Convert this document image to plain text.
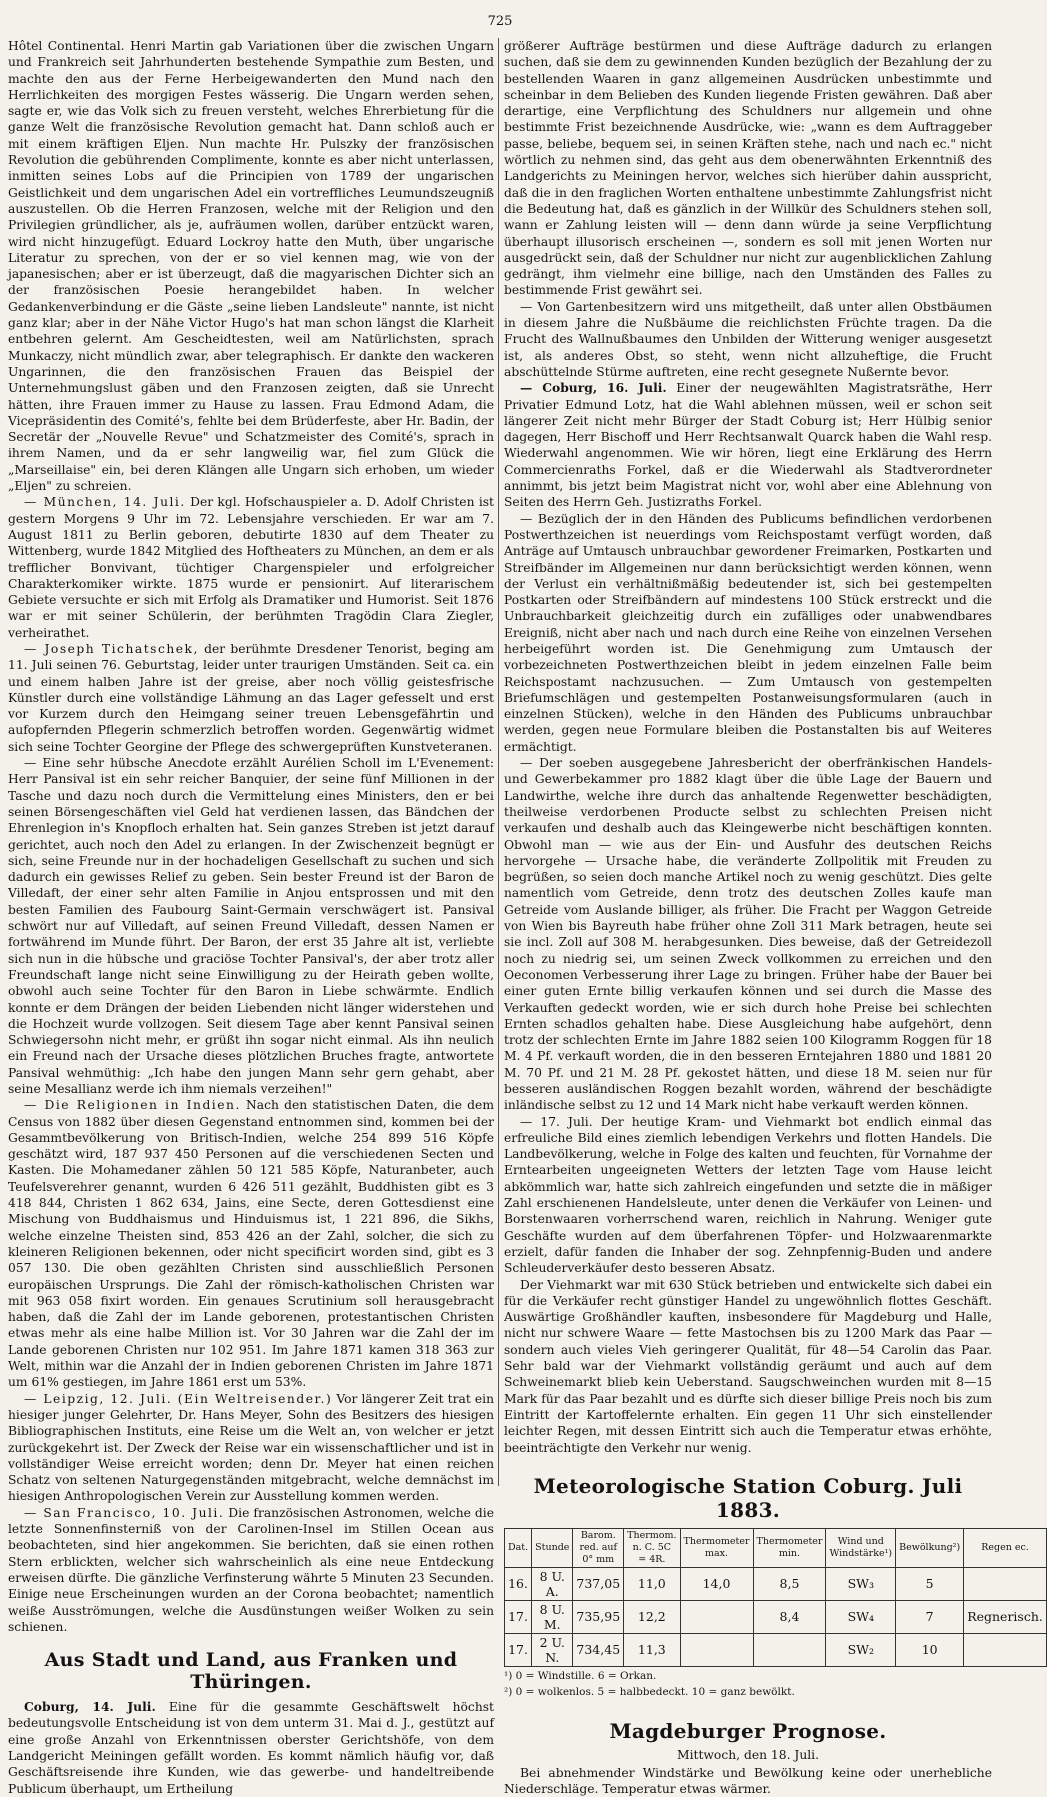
725

Hôtel Continental. Henri Martin gab Variationen über die zwischen Ungarn und Frankreich seit Jahrhunderten bestehende Sympathie zum Besten, und machte den aus der Ferne Herbeigewanderten den Mund nach den Herrlichkeiten des morgigen Festes wässerig. Die Ungarn werden sehen, sagte er, wie das Volk sich zu freuen versteht, welches Ehrerbietung für die ganze Welt die französische Revolution gemacht hat. Dann schloß auch er mit einem kräftigen Eljen. Nun machte Hr. Pulszky der französischen Revolution die gebührenden Complimente, konnte es aber nicht unterlassen, inmitten seines Lobs auf die Principien von 1789 der ungarischen Geistlichkeit und dem ungarischen Adel ein vortreffliches Leumundszeugniß auszustellen. Ob die Herren Franzosen, welche mit der Religion und den Privilegien gründlicher, als je, aufräumen wollen, darüber entzückt waren, wird nicht hinzugefügt. Eduard Lockroy hatte den Muth, über ungarische Literatur zu sprechen, von der er so viel kennen mag, wie von der japanesischen; aber er ist überzeugt, daß die magyarischen Dichter sich an der französischen Poesie herangebildet haben. In welcher Gedankenverbindung er die Gäste „seine lieben Landsleute" nannte, ist nicht ganz klar; aber in der Nähe Victor Hugo's hat man schon längst die Klarheit entbehren gelernt. Am Gescheidtesten, weil am Natürlichsten, sprach Munkaczy, nicht mündlich zwar, aber telegraphisch. Er dankte den wackeren Ungarinnen, die den französischen Frauen das Beispiel der Unternehmungslust gäben und den Franzosen zeigten, daß sie Unrecht hätten, ihre Frauen immer zu Hause zu lassen. Frau Edmond Adam, die Vicepräsidentin des Comité's, fehlte bei dem Brüderfeste, aber Hr. Badin, der Secretär der „Nouvelle Revue" und Schatzmeister des Comité's, sprach in ihrem Namen, und da er sehr langweilig war, fiel zum Glück die „Marseillaise" ein, bei deren Klängen alle Ungarn sich erhoben, um wieder „Eljen" zu schreien.

— München, 14. Juli. Der kgl. Hofschauspieler a. D. Adolf Christen ist gestern Morgens 9 Uhr im 72. Lebensjahre verschieden. Er war am 7. August 1811 zu Berlin geboren, debutirte 1830 auf dem Theater zu Wittenberg, wurde 1842 Mitglied des Hoftheaters zu München, an dem er als trefflicher Bonvivant, tüchtiger Chargenspieler und erfolgreicher Charakterkomiker wirkte. 1875 wurde er pensionirt. Auf literarischem Gebiete versuchte er sich mit Erfolg als Dramatiker und Humorist. Seit 1876 war er mit seiner Schülerin, der berühmten Tragödin Clara Ziegler, verheirathet.

— Joseph Tichatschek, der berühmte Dresdener Tenorist, beging am 11. Juli seinen 76. Geburtstag, leider unter traurigen Umständen. Seit ca. ein und einem halben Jahre ist der greise, aber noch völlig geistesfrische Künstler durch eine vollständige Lähmung an das Lager gefesselt und erst vor Kurzem durch den Heimgang seiner treuen Lebensgefährtin und aufopfernden Pflegerin schmerzlich betroffen worden. Gegenwärtig widmet sich seine Tochter Georgine der Pflege des schwergeprüften Kunstveteranen.

— Eine sehr hübsche Anecdote erzählt Aurélien Scholl im L'Evenement: Herr Pansival ist ein sehr reicher Banquier, der seine fünf Millionen in der Tasche und dazu noch durch die Vermittelung eines Ministers, den er bei seinen Börsengeschäften viel Geld hat verdienen lassen, das Bändchen der Ehrenlegion in's Knopfloch erhalten hat. Sein ganzes Streben ist jetzt darauf gerichtet, auch noch den Adel zu erlangen. In der Zwischenzeit begnügt er sich, seine Freunde nur in der hochadeligen Gesellschaft zu suchen und sich dadurch ein gewisses Relief zu geben. Sein bester Freund ist der Baron de Villedaft, der einer sehr alten Familie in Anjou entsprossen und mit den besten Familien des Faubourg Saint-Germain verschwägert ist. Pansival schwört nur auf Villedaft, auf seinen Freund Villedaft, dessen Namen er fortwährend im Munde führt. Der Baron, der erst 35 Jahre alt ist, verliebte sich nun in die hübsche und graciöse Tochter Pansival's, der aber trotz aller Freundschaft lange nicht seine Einwilligung zu der Heirath geben wollte, obwohl auch seine Tochter für den Baron in Liebe schwärmte. Endlich konnte er dem Drängen der beiden Liebenden nicht länger widerstehen und die Hochzeit wurde vollzogen. Seit diesem Tage aber kennt Pansival seinen Schwiegersohn nicht mehr, er grüßt ihn sogar nicht einmal. Als ihn neulich ein Freund nach der Ursache dieses plötzlichen Bruches fragte, antwortete Pansival wehmüthig: „Ich habe den jungen Mann sehr gern gehabt, aber seine Mesallianz werde ich ihm niemals verzeihen!"

— Die Religionen in Indien. Nach den statistischen Daten, die dem Census von 1882 über diesen Gegenstand entnommen sind, kommen bei der Gesammtbevölkerung von Britisch-Indien, welche 254 899 516 Köpfe geschätzt wird, 187 937 450 Personen auf die verschiedenen Secten und Kasten. Die Mohamedaner zählen 50 121 585 Köpfe, Naturanbeter, auch Teufelsverehrer genannt, wurden 6 426 511 gezählt, Buddhisten gibt es 3 418 844, Christen 1 862 634, Jains, eine Secte, deren Gottesdienst eine Mischung von Buddhaismus und Hinduismus ist, 1 221 896, die Sikhs, welche einzelne Theisten sind, 853 426 an der Zahl, solcher, die sich zu kleineren Religionen bekennen, oder nicht specificirt worden sind, gibt es 3 057 130. Die oben gezählten Christen sind ausschließlich Personen europäischen Ursprungs. Die Zahl der römisch-katholischen Christen war mit 963 058 fixirt worden. Ein genaues Scrutinium soll herausgebracht haben, daß die Zahl der im Lande geborenen, protestantischen Christen etwas mehr als eine halbe Million ist. Vor 30 Jahren war die Zahl der im Lande geborenen Christen nur 102 951. Im Jahre 1871 kamen 318 363 zur Welt, mithin war die Anzahl der in Indien geborenen Christen im Jahre 1871 um 61% gestiegen, im Jahre 1861 erst um 53%.

— Leipzig, 12. Juli. (Ein Weltreisender.) Vor längerer Zeit trat ein hiesiger junger Gelehrter, Dr. Hans Meyer, Sohn des Besitzers des hiesigen Bibliographischen Instituts, eine Reise um die Welt an, von welcher er jetzt zurückgekehrt ist. Der Zweck der Reise war ein wissenschaftlicher und ist in vollständiger Weise erreicht worden; denn Dr. Meyer hat einen reichen Schatz von seltenen Naturgegenständen mitgebracht, welche demnächst im hiesigen Anthropologischen Verein zur Ausstellung kommen werden.

— San Francisco, 10. Juli. Die französischen Astronomen, welche die letzte Sonnenfinsterniß von der Carolinen-Insel im Stillen Ocean aus beobachteten, sind hier angekommen. Sie berichten, daß sie einen rothen Stern erblickten, welcher sich wahrscheinlich als eine neue Entdeckung erweisen dürfte. Die gänzliche Verfinsterung währte 5 Minuten 23 Secunden. Einige neue Erscheinungen wurden an der Corona beobachtet; namentlich weiße Ausströmungen, welche die Ausdünstungen weißer Wolken zu sein schienen.

Aus Stadt und Land, aus Franken und Thüringen.

Coburg, 14. Juli. Eine für die gesammte Geschäftswelt höchst bedeutungsvolle Entscheidung ist von dem unterm 31. Mai d. J., gestützt auf eine große Anzahl von Erkenntnissen oberster Gerichtshöfe, von dem Landgericht Meiningen gefällt worden. Es kommt nämlich häufig vor, daß Geschäftsreisende ihre Kunden, wie das gewerbe- und handeltreibende Publicum überhaupt, um Ertheilung

größerer Aufträge bestürmen und diese Aufträge dadurch zu erlangen suchen, daß sie dem zu gewinnenden Kunden bezüglich der Bezahlung der zu bestellenden Waaren in ganz allgemeinen Ausdrücken unbestimmte und scheinbar in dem Belieben des Kunden liegende Fristen gewähren. Daß aber derartige, eine Verpflichtung des Schuldners nur allgemein und ohne bestimmte Frist bezeichnende Ausdrücke, wie: „wann es dem Auftraggeber passe, beliebe, bequem sei, in seinen Kräften stehe, nach und nach ec." nicht wörtlich zu nehmen sind, das geht aus dem obenerwähnten Erkenntniß des Landgerichts zu Meiningen hervor, welches sich hierüber dahin ausspricht, daß die in den fraglichen Worten enthaltene unbestimmte Zahlungsfrist nicht die Bedeutung hat, daß es gänzlich in der Willkür des Schuldners stehen soll, wann er Zahlung leisten will — denn dann würde ja seine Verpflichtung überhaupt illusorisch erscheinen —, sondern es soll mit jenen Worten nur ausgedrückt sein, daß der Schuldner nur nicht zur augenblicklichen Zahlung gedrängt, ihm vielmehr eine billige, nach den Umständen des Falles zu bestimmende Frist gewährt sei.

— Von Gartenbesitzern wird uns mitgetheilt, daß unter allen Obstbäumen in diesem Jahre die Nußbäume die reichlichsten Früchte tragen. Da die Frucht des Wallnußbaumes den Unbilden der Witterung weniger ausgesetzt ist, als anderes Obst, so steht, wenn nicht allzuheftige, die Frucht abschüttelnde Stürme auftreten, eine recht gesegnete Nußernte bevor.

— Coburg, 16. Juli. Einer der neugewählten Magistratsräthe, Herr Privatier Edmund Lotz, hat die Wahl ablehnen müssen, weil er schon seit längerer Zeit nicht mehr Bürger der Stadt Coburg ist; Herr Hülbig senior dagegen, Herr Bischoff und Herr Rechtsanwalt Quarck haben die Wahl resp. Wiederwahl angenommen. Wie wir hören, liegt eine Erklärung des Herrn Commercienraths Forkel, daß er die Wiederwahl als Stadtverordneter annimmt, bis jetzt beim Magistrat nicht vor, wohl aber eine Ablehnung von Seiten des Herrn Geh. Justizraths Forkel.

— Bezüglich der in den Händen des Publicums befindlichen verdorbenen Postwerthzeichen ist neuerdings vom Reichspostamt verfügt worden, daß Anträge auf Umtausch unbrauchbar gewordener Freimarken, Postkarten und Streifbänder im Allgemeinen nur dann berücksichtigt werden können, wenn der Verlust ein verhältnißmäßig bedeutender ist, sich bei gestempelten Postkarten oder Streifbändern auf mindestens 100 Stück erstreckt und die Unbrauchbarkeit gleichzeitig durch ein zufälliges oder unabwendbares Ereigniß, nicht aber nach und nach durch eine Reihe von einzelnen Versehen herbeigeführt worden ist. Die Genehmigung zum Umtausch der vorbezeichneten Postwerthzeichen bleibt in jedem einzelnen Falle beim Reichspostamt nachzusuchen. — Zum Umtausch von gestempelten Briefumschlägen und gestempelten Postanweisungsformularen (auch in einzelnen Stücken), welche in den Händen des Publicums unbrauchbar werden, gegen neue Formulare bleiben die Postanstalten bis auf Weiteres ermächtigt.

— Der soeben ausgegebene Jahresbericht der oberfränkischen Handels- und Gewerbekammer pro 1882 klagt über die üble Lage der Bauern und Landwirthe, welche ihre durch das anhaltende Regenwetter beschädigten, theilweise verdorbenen Producte selbst zu schlechten Preisen nicht verkaufen und deshalb auch das Kleingewerbe nicht beschäftigen konnten. Obwohl man — wie aus der Ein- und Ausfuhr des deutschen Reichs hervorgehe — Ursache habe, die veränderte Zollpolitik mit Freuden zu begrüßen, so seien doch manche Artikel noch zu wenig geschützt. Dies gelte namentlich vom Getreide, denn trotz des deutschen Zolles kaufe man Getreide vom Auslande billiger, als früher. Die Fracht per Waggon Getreide von Wien bis Bayreuth habe früher ohne Zoll 311 Mark betragen, heute sei sie incl. Zoll auf 308 M. herabgesunken. Dies beweise, daß der Getreidezoll noch zu niedrig sei, um seinen Zweck vollkommen zu erreichen und den Oeconomen Verbesserung ihrer Lage zu bringen. Früher habe der Bauer bei einer guten Ernte billig verkaufen können und sei durch die Masse des Verkauften gedeckt worden, wie er sich durch hohe Preise bei schlechten Ernten schadlos gehalten habe. Diese Ausgleichung habe aufgehört, denn trotz der schlechten Ernte im Jahre 1882 seien 100 Kilogramm Roggen für 18 M. 4 Pf. verkauft worden, die in den besseren Erntejahren 1880 und 1881 20 M. 70 Pf. und 21 M. 28 Pf. gekostet hätten, und diese 18 M. seien nur für besseren ausländischen Roggen bezahlt worden, während der beschädigte inländische selbst zu 12 und 14 Mark nicht habe verkauft werden können.

— 17. Juli. Der heutige Kram- und Viehmarkt bot endlich einmal das erfreuliche Bild eines ziemlich lebendigen Verkehrs und flotten Handels. Die Landbevölkerung, welche in Folge des kalten und feuchten, für Vornahme der Erntearbeiten ungeeigneten Wetters der letzten Tage vom Hause leicht abkömmlich war, hatte sich zahlreich eingefunden und setzte die in mäßiger Zahl erschienenen Handelsleute, unter denen die Verkäufer von Leinen- und Borstenwaaren vorherrschend waren, reichlich in Nahrung. Weniger gute Geschäfte wurden auf dem überfahrenen Töpfer- und Holzwaarenmarkte erzielt, dafür fanden die Inhaber der sog. Zehnpfennig-Buden und andere Schleuderverkäufer desto besseren Absatz.

Der Viehmarkt war mit 630 Stück betrieben und entwickelte sich dabei ein für die Verkäufer recht günstiger Handel zu ungewöhnlich flottes Geschäft. Auswärtige Großhändler kauften, insbesondere für Magdeburg und Halle, nicht nur schwere Waare — fette Mastochsen bis zu 1200 Mark das Paar — sondern auch vieles Vieh geringerer Qualität, für 48—54 Carolin das Paar. Sehr bald war der Viehmarkt vollständig geräumt und auch auf dem Schweinemarkt blieb kein Ueberstand. Saugschweinchen wurden mit 8—15 Mark für das Paar bezahlt und es dürfte sich dieser billige Preis noch bis zum Eintritt der Kartoffelernte erhalten. Ein gegen 11 Uhr sich einstellender leichter Regen, mit dessen Eintritt sich auch die Temperatur etwas erhöhte, beeinträchtigte den Verkehr nur wenig.

Meteorologische Station Coburg. Juli 1883.
Dat.	Stunde	Barom. red. auf 0° mm	Thermom. n. C. 5C = 4R.	Thermometer max.	Thermometer min.	Wind und Windstärke¹)	Bewölkung²)	Regen ec.
16.	8 U. A.	737,05	11,0	14,0	8,5	SW₃	5	
17.	8 U. M.	735,95	12,2		8,4	SW₄	7	Regnerisch.
17.	2 U. N.	734,45	11,3			SW₂	10	
¹) 0 = Windstille. 6 = Orkan.
²) 0 = wolkenlos. 5 = halbbedeckt. 10 = ganz bewölkt.
Magdeburger Prognose.
Mittwoch, den 18. Juli.

Bei abnehmender Windstärke und Bewölkung keine oder unerhebliche Niederschläge. Temperatur etwas wärmer.
